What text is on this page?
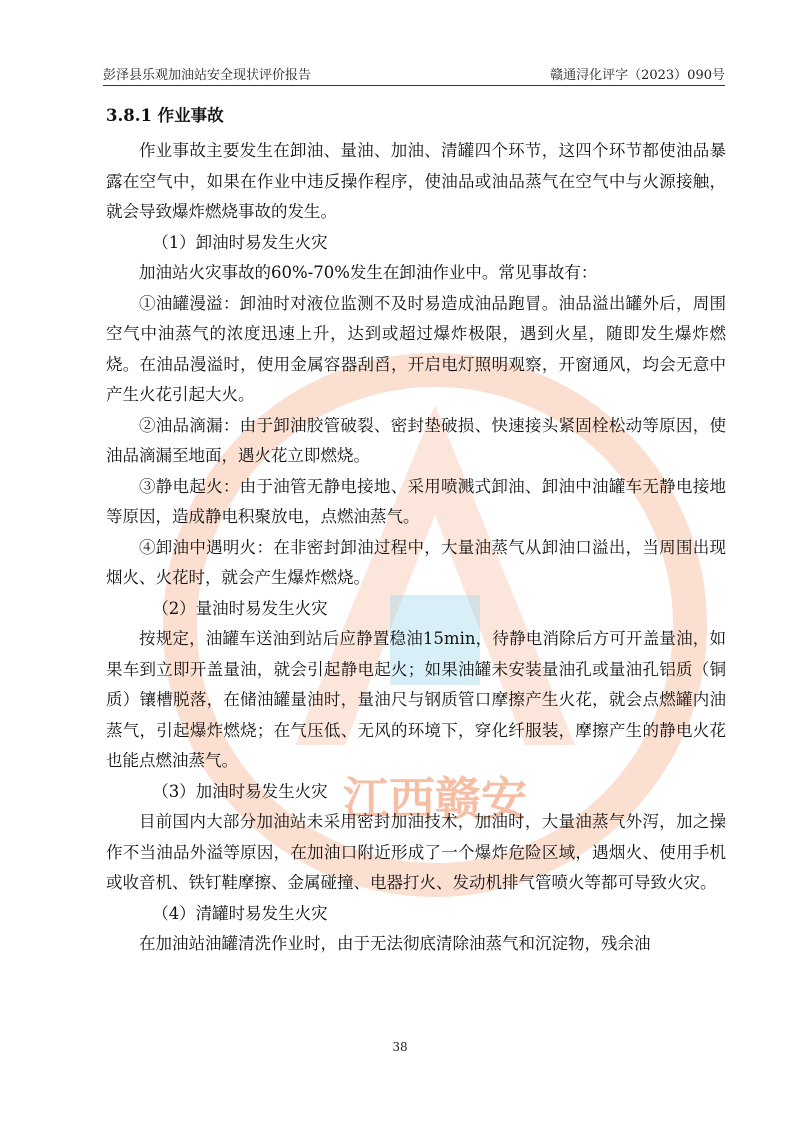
江西赣安
彭泽县乐观加油站安全现状评价报告	赣通浔化评字（2023）090号
3.8.1 作业事故

作业事故主要发生在卸油、量油、加油、清罐四个环节，这四个环节都使油品暴露在空气中，如果在作业中违反操作程序，使油品或油品蒸气在空气中与火源接触，就会导致爆炸燃烧事故的发生。

（1）卸油时易发生火灾

加油站火灾事故的60%-70%发生在卸油作业中。常见事故有：

①油罐漫溢：卸油时对液位监测不及时易造成油品跑冒。油品溢出罐外后，周围空气中油蒸气的浓度迅速上升，达到或超过爆炸极限，遇到火星，随即发生爆炸燃烧。在油品漫溢时，使用金属容器刮舀，开启电灯照明观察，开窗通风，均会无意中产生火花引起大火。

②油品滴漏：由于卸油胶管破裂、密封垫破损、快速接头紧固栓松动等原因，使油品滴漏至地面，遇火花立即燃烧。

③静电起火：由于油管无静电接地、采用喷溅式卸油、卸油中油罐车无静电接地等原因，造成静电积聚放电，点燃油蒸气。

④卸油中遇明火：在非密封卸油过程中，大量油蒸气从卸油口溢出，当周围出现烟火、火花时，就会产生爆炸燃烧。

（2）量油时易发生火灾

按规定，油罐车送油到站后应静置稳油15min，待静电消除后方可开盖量油，如果车到立即开盖量油，就会引起静电起火；如果油罐未安装量油孔或量油孔铝质（铜质）镶槽脱落，在储油罐量油时，量油尺与钢质管口摩擦产生火花，就会点燃罐内油蒸气，引起爆炸燃烧；在气压低、无风的环境下，穿化纤服装，摩擦产生的静电火花也能点燃油蒸气。

（3）加油时易发生火灾

目前国内大部分加油站未采用密封加油技术，加油时，大量油蒸气外泻，加之操作不当油品外溢等原因，在加油口附近形成了一个爆炸危险区域，遇烟火、使用手机或收音机、铁钉鞋摩擦、金属碰撞、电器打火、发动机排气管喷火等都可导致火灾。

（4）清罐时易发生火灾

在加油站油罐清洗作业时，由于无法彻底清除油蒸气和沉淀物，残余油

38
